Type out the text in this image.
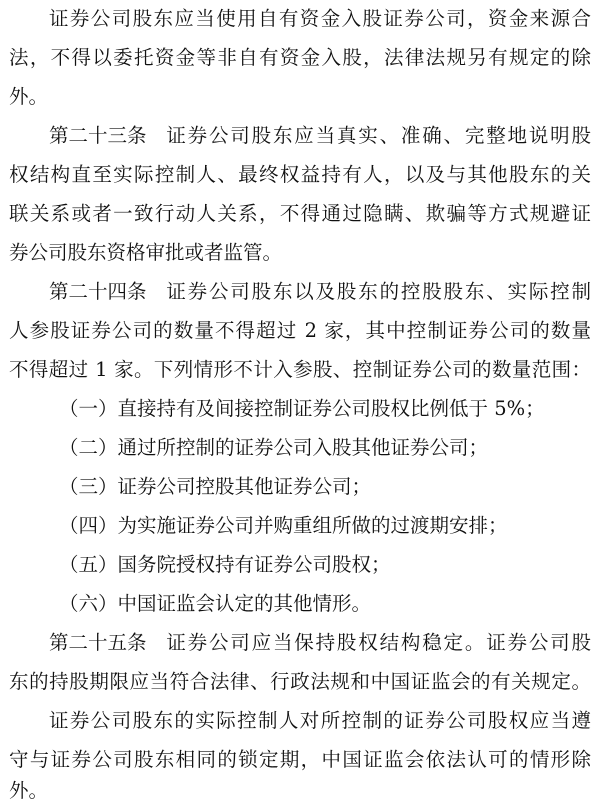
证券公司股东应当使用自有资金入股证券公司，资金来源合
法，不得以委托资金等非自有资金入股，法律法规另有规定的除
外。
第二十三条 证券公司股东应当真实、准确、完整地说明股
权结构直至实际控制人、最终权益持有人，以及与其他股东的关
联关系或者一致行动人关系，不得通过隐瞒、欺骗等方式规避证
券公司股东资格审批或者监管。
第二十四条 证券公司股东以及股东的控股股东、实际控制
人参股证券公司的数量不得超过 2 家，其中控制证券公司的数量
不得超过 1 家。下列情形不计入参股、控制证券公司的数量范围：
（一）直接持有及间接控制证券公司股权比例低于 5%；
（二）通过所控制的证券公司入股其他证券公司；
（三）证券公司控股其他证券公司；
（四）为实施证券公司并购重组所做的过渡期安排；
（五）国务院授权持有证券公司股权；
（六）中国证监会认定的其他情形。
第二十五条 证券公司应当保持股权结构稳定。证券公司股
东的持股期限应当符合法律、行政法规和中国证监会的有关规定。
证券公司股东的实际控制人对所控制的证券公司股权应当遵
守与证券公司股东相同的锁定期，中国证监会依法认可的情形除
外。
